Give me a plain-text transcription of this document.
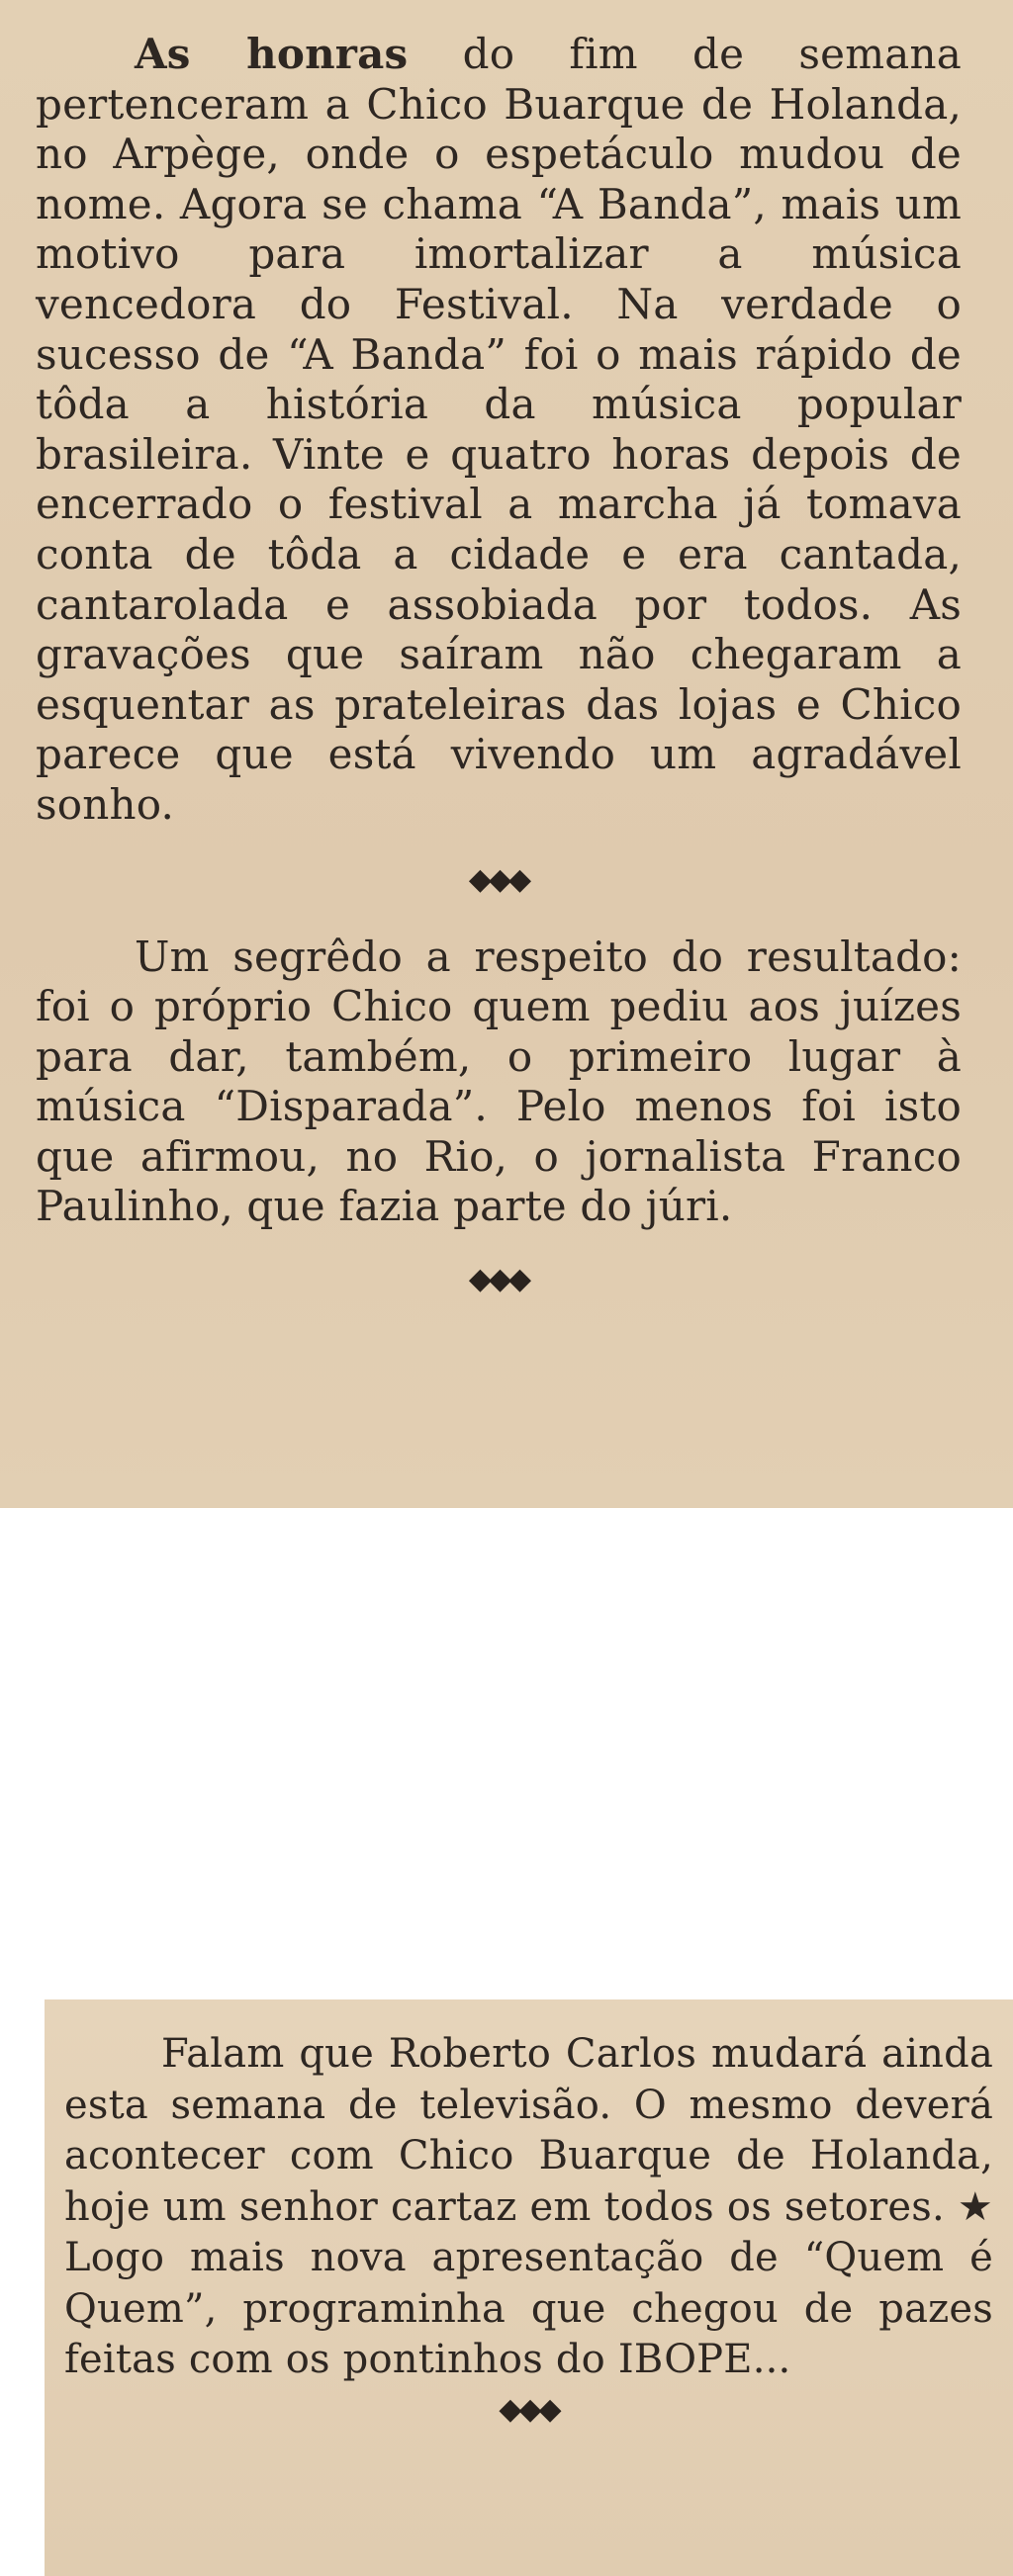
As honras do fim de semana pertenceram a Chico Buarque de Holanda, no Arpège, onde o espetáculo mudou de nome. Agora se chama “A Banda”, mais um motivo para imortalizar a música vencedora do Festival. Na verdade o sucesso de “A Banda” foi o mais rápido de tôda a história da música popular brasileira. Vinte e quatro horas depois de encerrado o festival a marcha já tomava conta de tôda a cidade e era cantada, cantarolada e assobiada por todos. As gravações que saíram não chegaram a esquentar as prateleiras das lojas e Chico parece que está vivendo um agradável sonho.

◆◆◆

Um segrêdo a respeito do resultado: foi o próprio Chico quem pediu aos juízes para dar, também, o primeiro lugar à música “Disparada”. Pelo menos foi isto que afirmou, no Rio, o jornalista Franco Paulinho, que fazia parte do júri.

◆◆◆

Falam que Roberto Carlos mudará ainda esta semana de televisão. O mesmo deverá acontecer com Chico Buarque de Holanda, hoje um senhor cartaz em todos os setores. ★ Logo mais nova apresentação de “Quem é Quem”, programinha que chegou de pazes feitas com os pontinhos do IBOPE...

◆◆◆
